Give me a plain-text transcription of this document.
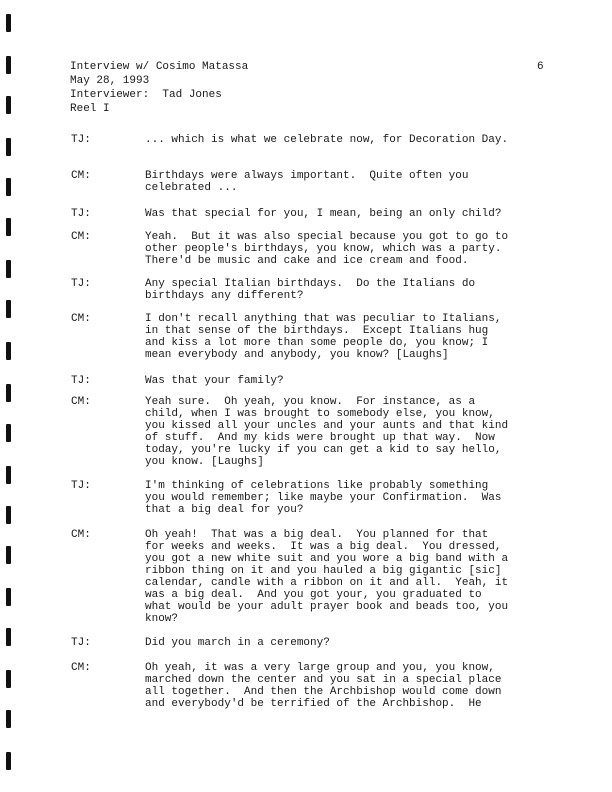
Interview w/ Cosimo Matassa
May 28, 1993
Interviewer:  Tad Jones
Reel I
6
TJ:	... which is what we celebrate now, for Decoration Day.
CM:	Birthdays were always important.  Quite often you
celebrated ...
TJ:	Was that special for you, I mean, being an only child?
CM:	Yeah.  But it was also special because you got to go to
other people's birthdays, you know, which was a party.
There'd be music and cake and ice cream and food.
TJ:	Any special Italian birthdays.  Do the Italians do
birthdays any different?
CM:	I don't recall anything that was peculiar to Italians,
in that sense of the birthdays.  Except Italians hug
and kiss a lot more than some people do, you know; I
mean everybody and anybody, you know? [Laughs]
TJ:	Was that your family?
CM:	Yeah sure.  Oh yeah, you know.  For instance, as a
child, when I was brought to somebody else, you know,
you kissed all your uncles and your aunts and that kind
of stuff.  And my kids were brought up that way.  Now
today, you're lucky if you can get a kid to say hello,
you know. [Laughs]
TJ:	I'm thinking of celebrations like probably something
you would remember; like maybe your Confirmation.  Was
that a big deal for you?
CM:	Oh yeah!  That was a big deal.  You planned for that
for weeks and weeks.  It was a big deal.  You dressed,
you got a new white suit and you wore a big band with a
ribbon thing on it and you hauled a big gigantic [sic]
calendar, candle with a ribbon on it and all.  Yeah, it
was a big deal.  And you got your, you graduated to
what would be your adult prayer book and beads too, you
know?
TJ:	Did you march in a ceremony?
CM:	Oh yeah, it was a very large group and you, you know,
marched down the center and you sat in a special place
all together.  And then the Archbishop would come down
and everybody'd be terrified of the Archbishop.  He
